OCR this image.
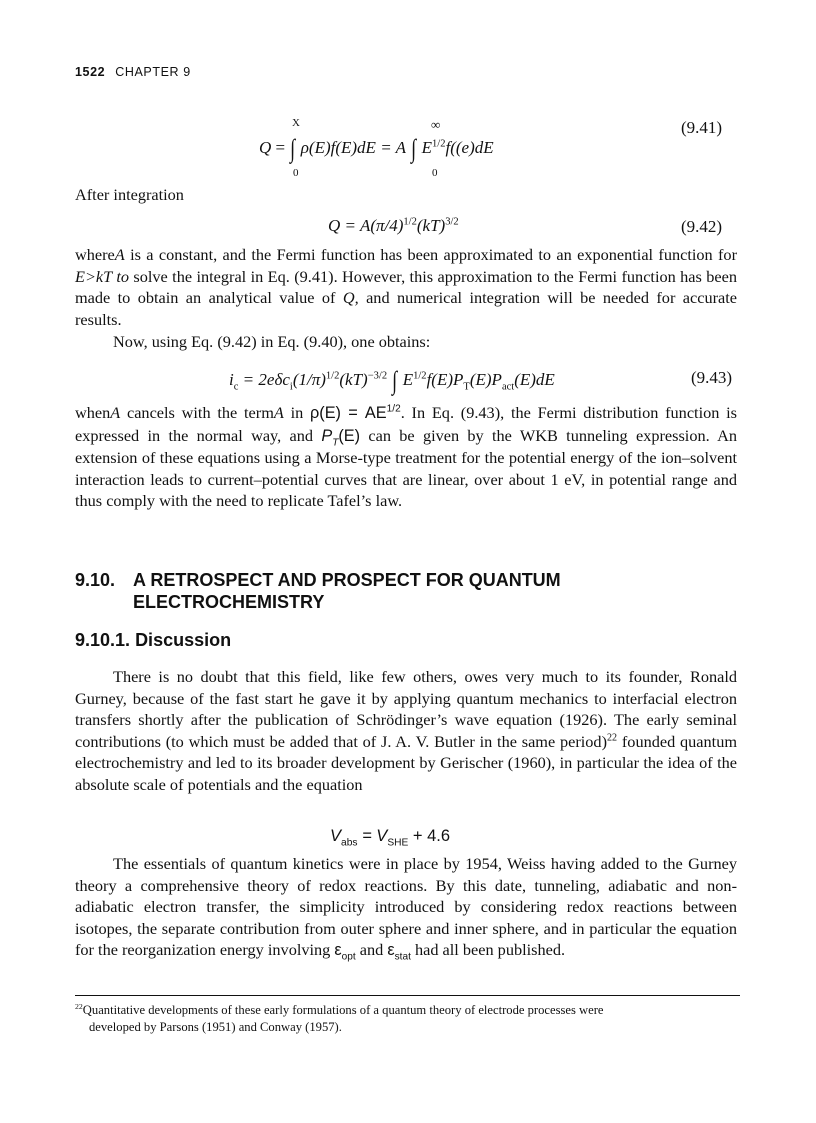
1522 CHAPTER 9
X	∞
Q = ∫ ρ(E)f(E)dE = A ∫ $E^{1/2}f((e)dE$
0	0
(9.41)
After integration
$Q = A(\pi/4)^{1/2}(kT)^{3/2}$	(9.42)

whereA is a constant, and the Fermi function has been approximated to an exponential function for E>kT to solve the integral in Eq. (9.41). However, this approximation to the Fermi function has been made to obtain an analytical value of Q, and numerical integration will be needed for accurate results.

Now, using Eq. (9.42) in Eq. (9.40), one obtains:

$i_c = 2e\delta c_i(1/\pi)^{1/2}(kT)^{-3/2}$ ∫ $E^{1/2}f(E)P_T(E)P_{act}(E)dE$	(9.43)

whenA cancels with the termA in $\rho(E) = AE^{1/2}$. In Eq. (9.43), the Fermi distribution function is expressed in the normal way, and $P_T(E)$ can be given by the WKB tunneling expression. An extension of these equations using a Morse-type treatment for the potential energy of the ion–solvent interaction leads to current–potential curves that are linear, over about 1 eV, in potential range and thus comply with the need to replicate Tafel’s law.

9.10. A RETROSPECT AND PROSPECT FOR QUANTUM
ELECTROCHEMISTRY
9.10.1. Discussion

There is no doubt that this field, like few others, owes very much to its founder, Ronald Gurney, because of the fast start he gave it by applying quantum mechanics to interfacial electron transfers shortly after the publication of Schrödinger’s wave equation (1926). The early seminal contributions (to which must be added that of J. A. V. Butler in the same period)$^{22}$ founded quantum electrochemistry and led to its broader development by Gerischer (1960), in particular the idea of the absolute scale of potentials and the equation

$V_{abs} = V_{SHE} + 4.6$

The essentials of quantum kinetics were in place by 1954, Weiss having added to the Gurney theory a comprehensive theory of redox reactions. By this date, tunneling, adiabatic and non-adiabatic electron transfer, the simplicity introduced by considering redox reactions between isotopes, the separate contribution from outer sphere and inner sphere, and in particular the equation for the reorganization energy involving $\varepsilon_{opt}$ and $\varepsilon_{stat}$ had all been published.

$^{22}$Quantitative developments of these early formulations of a quantum theory of electrode processes were
developed by Parsons (1951) and Conway (1957).
